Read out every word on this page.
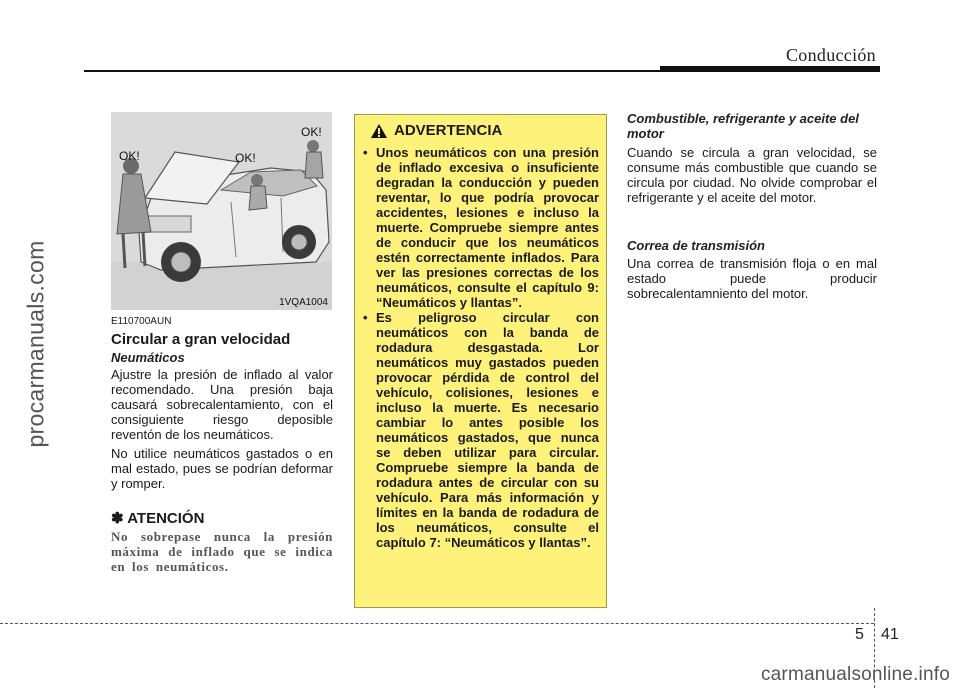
Conducción
procarmanuals.com
OK!	OK!
OK!
1VQA1004
E110700AUN
Circular a gran velocidad
Neumáticos
Ajustre la presión de inflado al valor recomendado. Una presión baja causará sobrecalentamiento, con el consiguiente riesgo deposible reventón de los neumáticos.
No utilice neumáticos gastados o en mal estado, pues se podrían deformar y romper.
✽ ATENCIÓN
No sobrepase nunca la presión máxima de inflado que se indica en los neumáticos.
ADVERTENCIA
• Unos neumáticos con una presión de inflado excesiva o insuficiente degradan la conducción y pueden reventar, lo que podría provocar accidentes, lesiones e incluso la muerte. Compruebe siempre antes de conducir que los neumáticos estén correctamente inflados. Para ver las presiones correctas de los neumáticos, consulte el capítulo 9: “Neumáticos y llantas”.
• Es peligroso circular con neumáticos con la banda de rodadura desgastada. Lor neumáticos muy gastados pueden provocar pérdida de control del vehículo, colisiones, lesiones e incluso la muerte. Es necesario cambiar lo antes posible los neumáticos gastados, que nunca se deben utilizar para circular. Compruebe siempre la banda de rodadura antes de circular con su vehículo. Para más información y límites en la banda de rodadura de los neumáticos, consulte el capítulo 7: “Neumáticos y llantas”.
Combustible, refrigerante y aceite del motor
Cuando se circula a gran velocidad, se consume más combustible que cuando se circula por ciudad. No olvide comprobar el refrigerante y el aceite del motor.
Correa de transmisión
Una correa de transmisión floja o en mal estado puede producir sobrecalentamniento del motor.
5 41
carmanualsonline.info
